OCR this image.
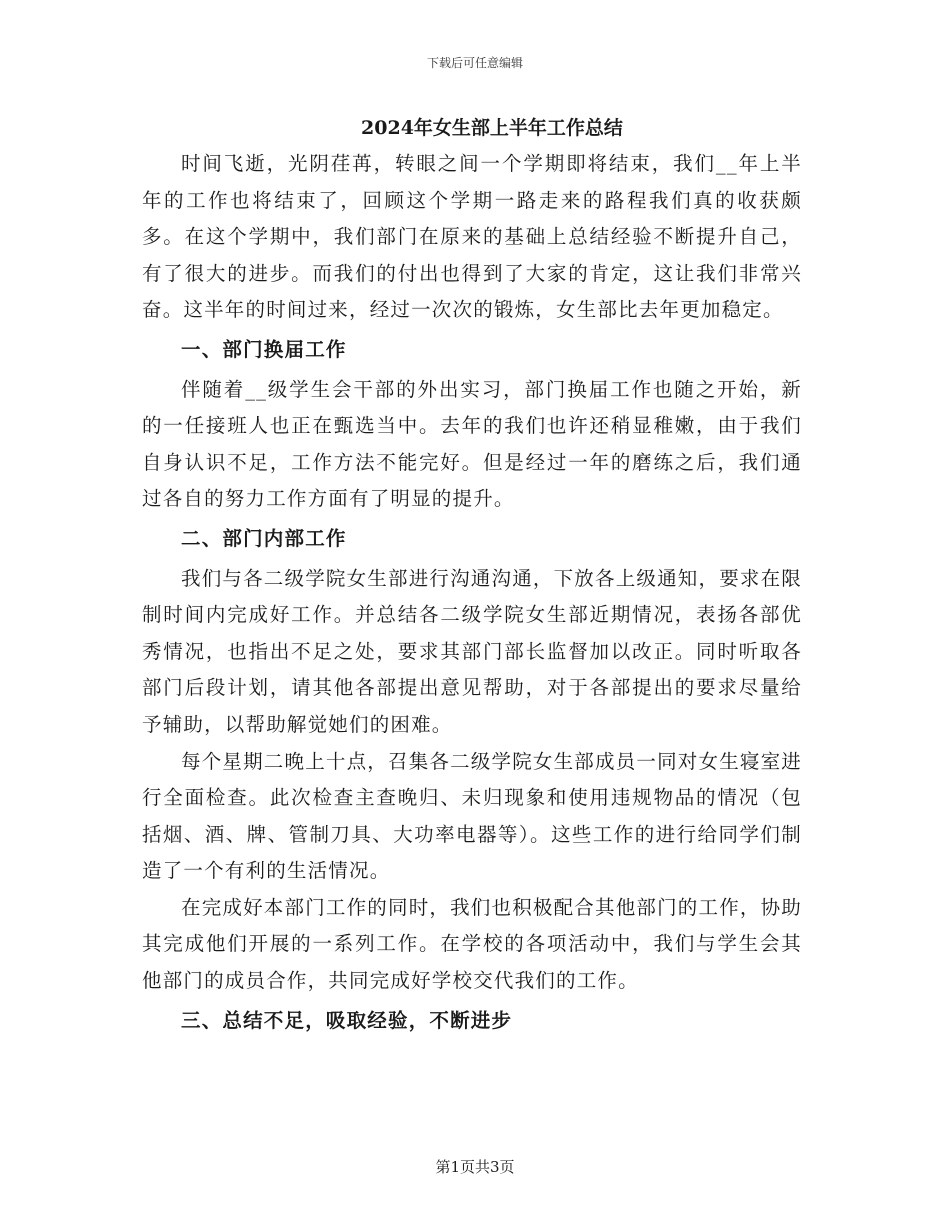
下载后可任意编辑
2024年女生部上半年工作总结

时间飞逝，光阴荏苒，转眼之间一个学期即将结束，我们__年上半年的工作也将结束了，回顾这个学期一路走来的路程我们真的收获颇多。在这个学期中，我们部门在原来的基础上总结经验不断提升自己，有了很大的进步。而我们的付出也得到了大家的肯定，这让我们非常兴奋。这半年的时间过来，经过一次次的锻炼，女生部比去年更加稳定。

一、部门换届工作

伴随着__级学生会干部的外出实习，部门换届工作也随之开始，新的一任接班人也正在甄选当中。去年的我们也许还稍显稚嫩，由于我们自身认识不足，工作方法不能完好。但是经过一年的磨练之后，我们通过各自的努力工作方面有了明显的提升。

二、部门内部工作

我们与各二级学院女生部进行沟通沟通，下放各上级通知，要求在限制时间内完成好工作。并总结各二级学院女生部近期情况，表扬各部优秀情况，也指出不足之处，要求其部门部长监督加以改正。同时听取各部门后段计划，请其他各部提出意见帮助，对于各部提出的要求尽量给予辅助，以帮助解觉她们的困难。

每个星期二晚上十点，召集各二级学院女生部成员一同对女生寝室进行全面检查。此次检查主查晚归、未归现象和使用违规物品的情况（包括烟、酒、牌、管制刀具、大功率电器等）。这些工作的进行给同学们制造了一个有利的生活情况。

在完成好本部门工作的同时，我们也积极配合其他部门的工作，协助其完成他们开展的一系列工作。在学校的各项活动中，我们与学生会其他部门的成员合作，共同完成好学校交代我们的工作。

三、总结不足，吸取经验，不断进步

第1页共3页
